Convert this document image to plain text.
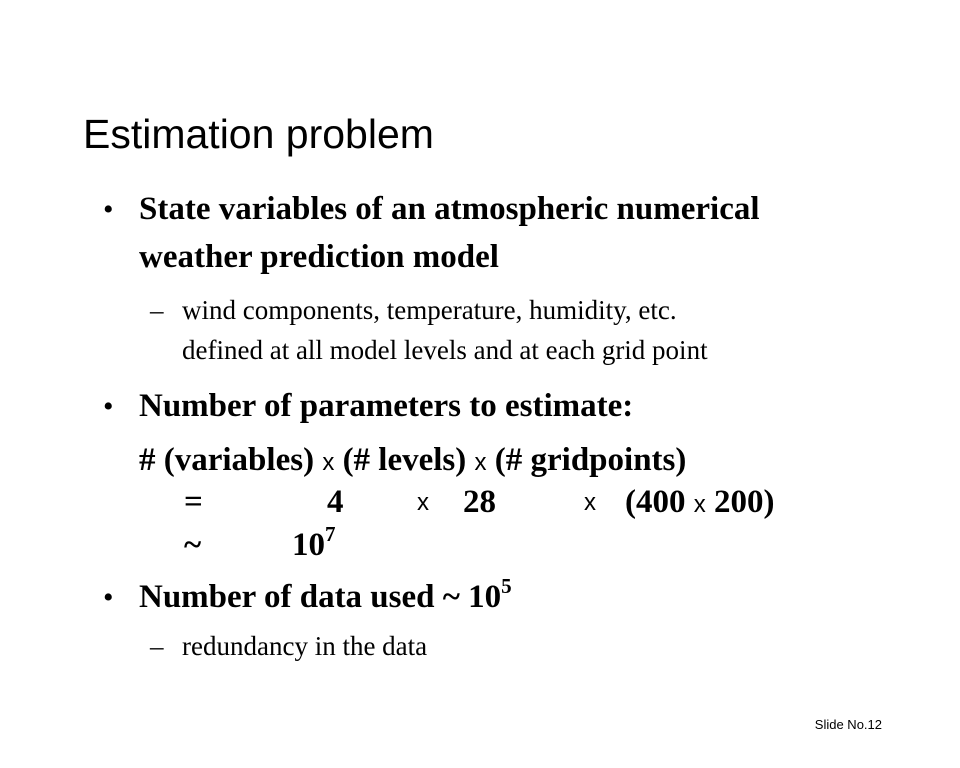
Estimation problem
• State variables of an atmospheric numerical
weather prediction model
– wind components, temperature, humidity, etc.
defined at all model levels and at each grid point
• Number of parameters to estimate:
# (variables) x (# levels) x (# gridpoints)
=	4	x 28	x (400 x 200)
~	$10^7$
• Number of data used ~ $10^5$
– redundancy in the data
Slide No.12
